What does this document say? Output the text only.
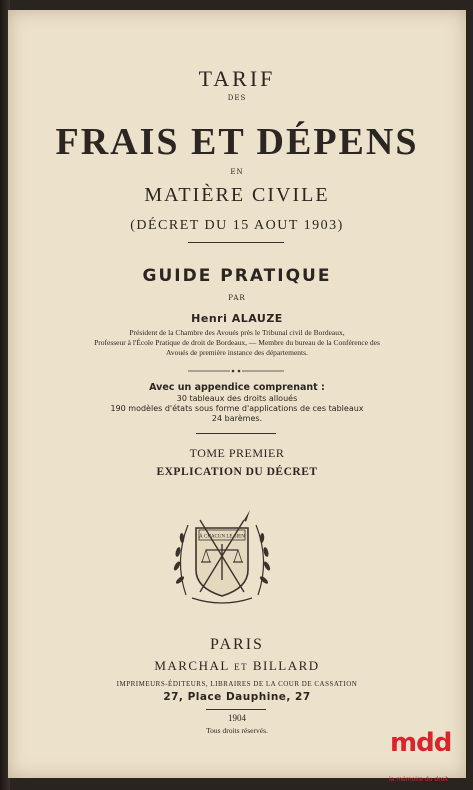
TARIF
DES
FRAIS ET DÉPENS
EN
MATIÈRE CIVILE
(DÉCRET DU 15 AOUT 1903)
GUIDE PRATIQUE
PAR
Henri ALAUZE
Président de la Chambre des Avoués près le Tribunal civil de Bordeaux,
Professeur à l'École Pratique de droit de Bordeaux, — Membre du bureau de la Conférence des
Avoués de première instance des départements.
Avec un appendice comprenant :
30 tableaux des droits alloués
190 modèles d'états sous forme d'applications de ces tableaux
24 barèmes.
TOME PREMIER
EXPLICATION DU DÉCRET
À CHACUN LE SIEN
PARIS
MARCHAL ET BILLARD
IMPRIMEURS-ÉDITEURS, LIBRAIRES DE LA COUR DE CASSATION
27, Place Dauphine, 27
1904
Tous droits réservés.	mdd
la mémoire du droit
